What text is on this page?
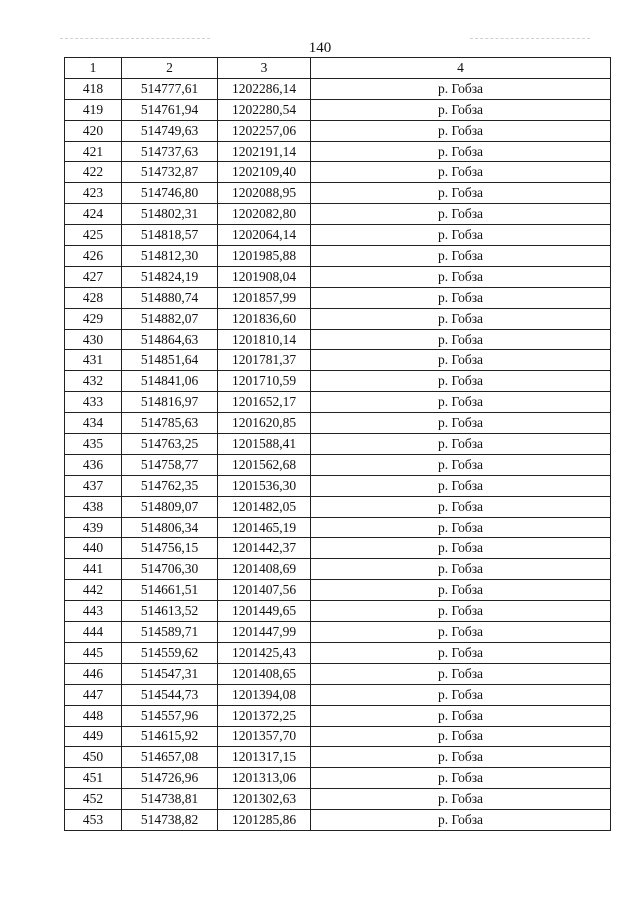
140
1	2	3	4
418	514777,61	1202286,14	р. Гобза
419	514761,94	1202280,54	р. Гобза
420	514749,63	1202257,06	р. Гобза
421	514737,63	1202191,14	р. Гобза
422	514732,87	1202109,40	р. Гобза
423	514746,80	1202088,95	р. Гобза
424	514802,31	1202082,80	р. Гобза
425	514818,57	1202064,14	р. Гобза
426	514812,30	1201985,88	р. Гобза
427	514824,19	1201908,04	р. Гобза
428	514880,74	1201857,99	р. Гобза
429	514882,07	1201836,60	р. Гобза
430	514864,63	1201810,14	р. Гобза
431	514851,64	1201781,37	р. Гобза
432	514841,06	1201710,59	р. Гобза
433	514816,97	1201652,17	р. Гобза
434	514785,63	1201620,85	р. Гобза
435	514763,25	1201588,41	р. Гобза
436	514758,77	1201562,68	р. Гобза
437	514762,35	1201536,30	р. Гобза
438	514809,07	1201482,05	р. Гобза
439	514806,34	1201465,19	р. Гобза
440	514756,15	1201442,37	р. Гобза
441	514706,30	1201408,69	р. Гобза
442	514661,51	1201407,56	р. Гобза
443	514613,52	1201449,65	р. Гобза
444	514589,71	1201447,99	р. Гобза
445	514559,62	1201425,43	р. Гобза
446	514547,31	1201408,65	р. Гобза
447	514544,73	1201394,08	р. Гобза
448	514557,96	1201372,25	р. Гобза
449	514615,92	1201357,70	р. Гобза
450	514657,08	1201317,15	р. Гобза
451	514726,96	1201313,06	р. Гобза
452	514738,81	1201302,63	р. Гобза
453	514738,82	1201285,86	р. Гобза
